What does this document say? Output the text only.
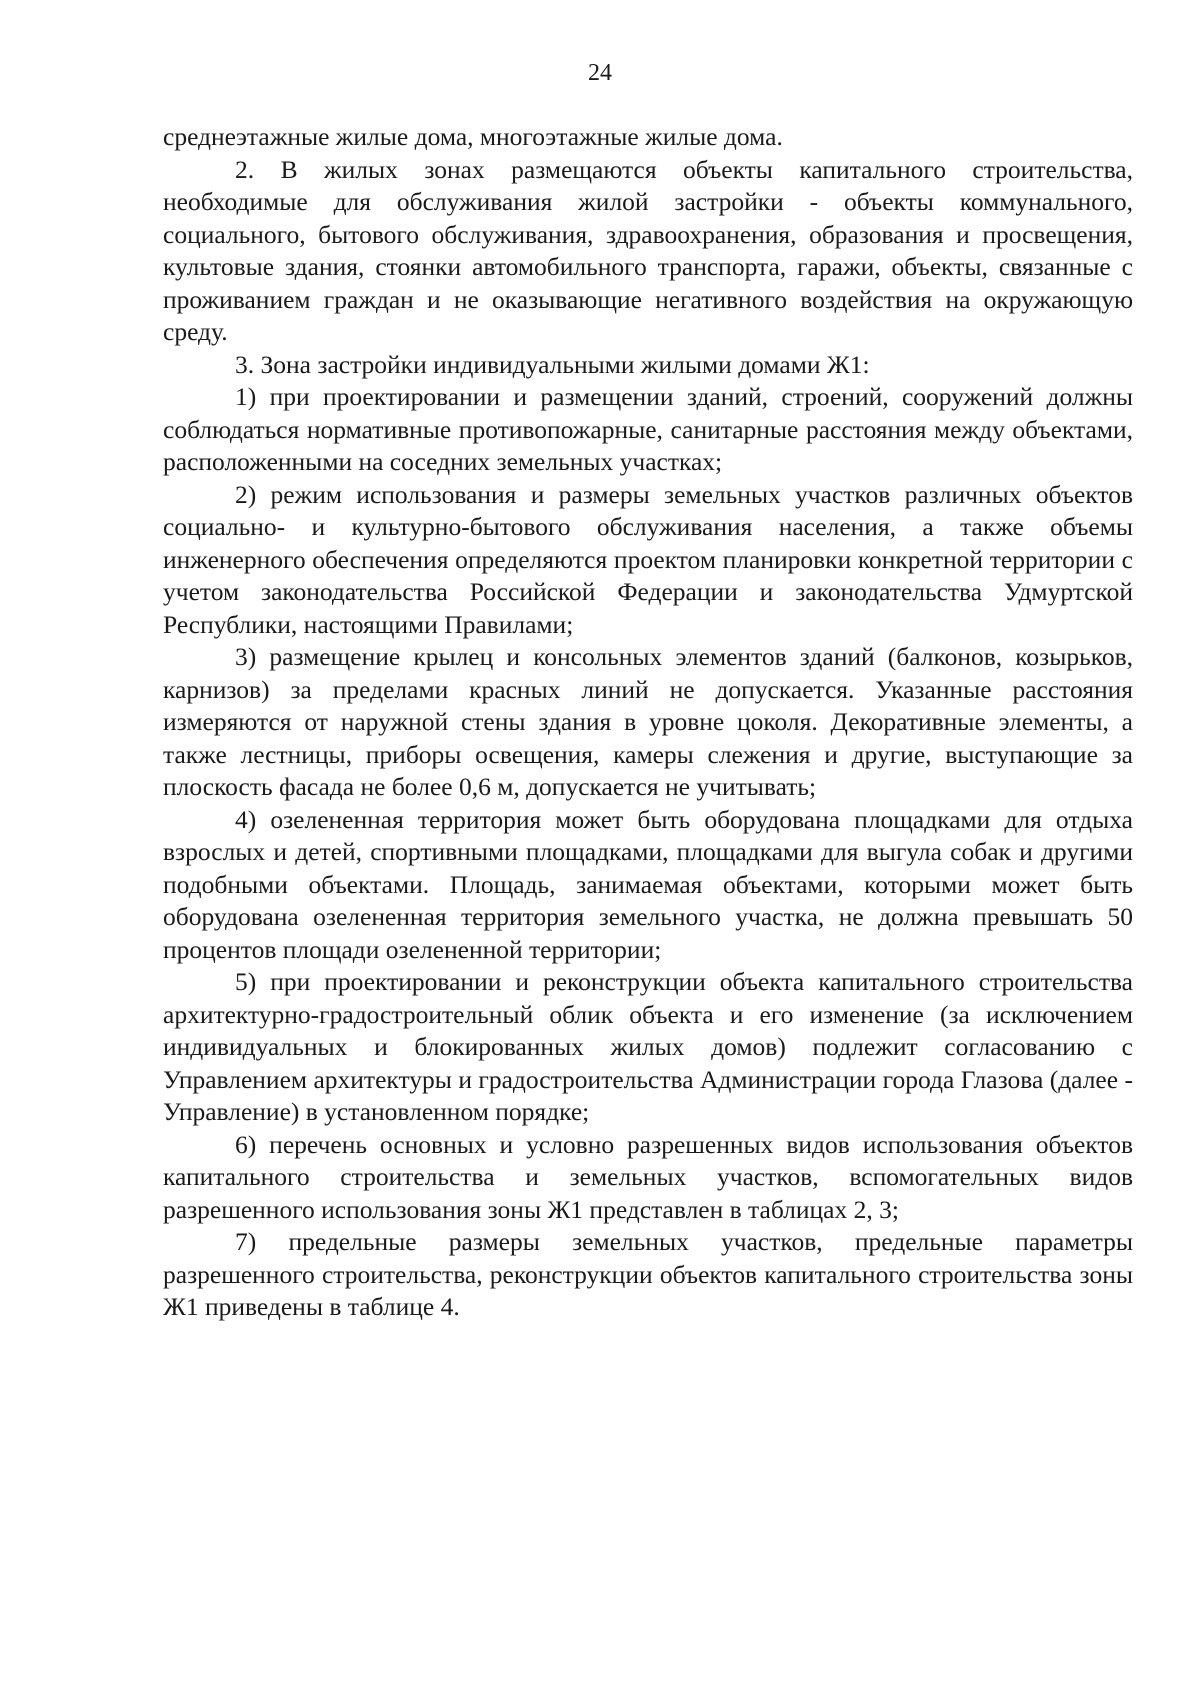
24

среднеэтажные жилые дома, многоэтажные жилые дома.

2. В жилых зонах размещаются объекты капитального строительства, необходимые для обслуживания жилой застройки - объекты коммунального, социального, бытового обслуживания, здравоохранения, образования и просвещения, культовые здания, стоянки автомобильного транспорта, гаражи, объекты, связанные с проживанием граждан и не оказывающие негативного воздействия на окружающую среду.

3. Зона застройки индивидуальными жилыми домами Ж1:

1) при проектировании и размещении зданий, строений, сооружений должны соблюдаться нормативные противопожарные, санитарные расстояния между объектами, расположенными на соседних земельных участках;

2) режим использования и размеры земельных участков различных объектов социально- и культурно-бытового обслуживания населения, а также объемы инженерного обеспечения определяются проектом планировки конкретной территории с учетом законодательства Российской Федерации и законодательства Удмуртской Республики, настоящими Правилами;

3) размещение крылец и консольных элементов зданий (балконов, козырьков, карнизов) за пределами красных линий не допускается. Указанные расстояния измеряются от наружной стены здания в уровне цоколя. Декоративные элементы, а также лестницы, приборы освещения, камеры слежения и другие, выступающие за плоскость фасада не более 0,6 м, допускается не учитывать;

4) озелененная территория может быть оборудована площадками для отдыха взрослых и детей, спортивными площадками, площадками для выгула собак и другими подобными объектами. Площадь, занимаемая объектами, которыми может быть оборудована озелененная территория земельного участка, не должна превышать 50 процентов площади озелененной территории;

5) при проектировании и реконструкции объекта капитального строительства архитектурно-градостроительный облик объекта и его изменение (за исключением индивидуальных и блокированных жилых домов) подлежит согласованию с Управлением архитектуры и градостроительства Администрации города Глазова (далее - Управление) в установленном порядке;

6) перечень основных и условно разрешенных видов использования объектов капитального строительства и земельных участков, вспомогательных видов разрешенного использования зоны Ж1 представлен в таблицах 2, 3;

7) предельные размеры земельных участков, предельные параметры разрешенного строительства, реконструкции объектов капитального строительства зоны Ж1 приведены в таблице 4.
